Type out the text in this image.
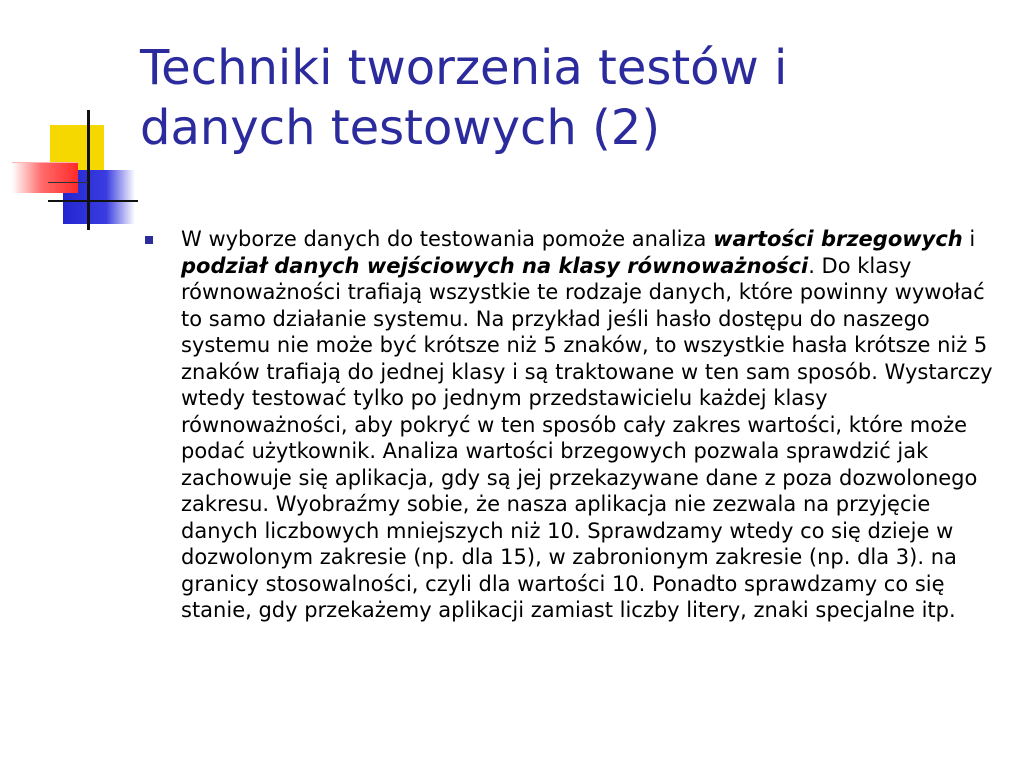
Techniki tworzenia testów i
danych testowych (2)
W wyborze danych do testowania pomoże analiza wartości brzegowych i podział danych wejściowych na klasy równoważności. Do klasy równoważności trafiają wszystkie te rodzaje danych, które powinny wywołać to samo działanie systemu. Na przykład jeśli hasło dostępu do naszego systemu nie może być krótsze niż 5 znaków, to wszystkie hasła krótsze niż 5 znaków trafiają do jednej klasy i są traktowane w ten sam sposób. Wystarczy wtedy testować tylko po jednym przedstawicielu każdej klasy równoważności, aby pokryć w ten sposób cały zakres wartości, które może podać użytkownik. Analiza wartości brzegowych pozwala sprawdzić jak zachowuje się aplikacja, gdy są jej przekazywane dane z poza dozwolonego zakresu. Wyobraźmy sobie, że nasza aplikacja nie zezwala na przyjęcie danych liczbowych mniejszych niż 10. Sprawdzamy wtedy co się dzieje w dozwolonym zakresie (np. dla 15), w zabronionym zakresie (np. dla 3). na granicy stosowalności, czyli dla wartości 10. Ponadto sprawdzamy co się stanie, gdy przekażemy aplikacji zamiast liczby litery, znaki specjalne itp.
